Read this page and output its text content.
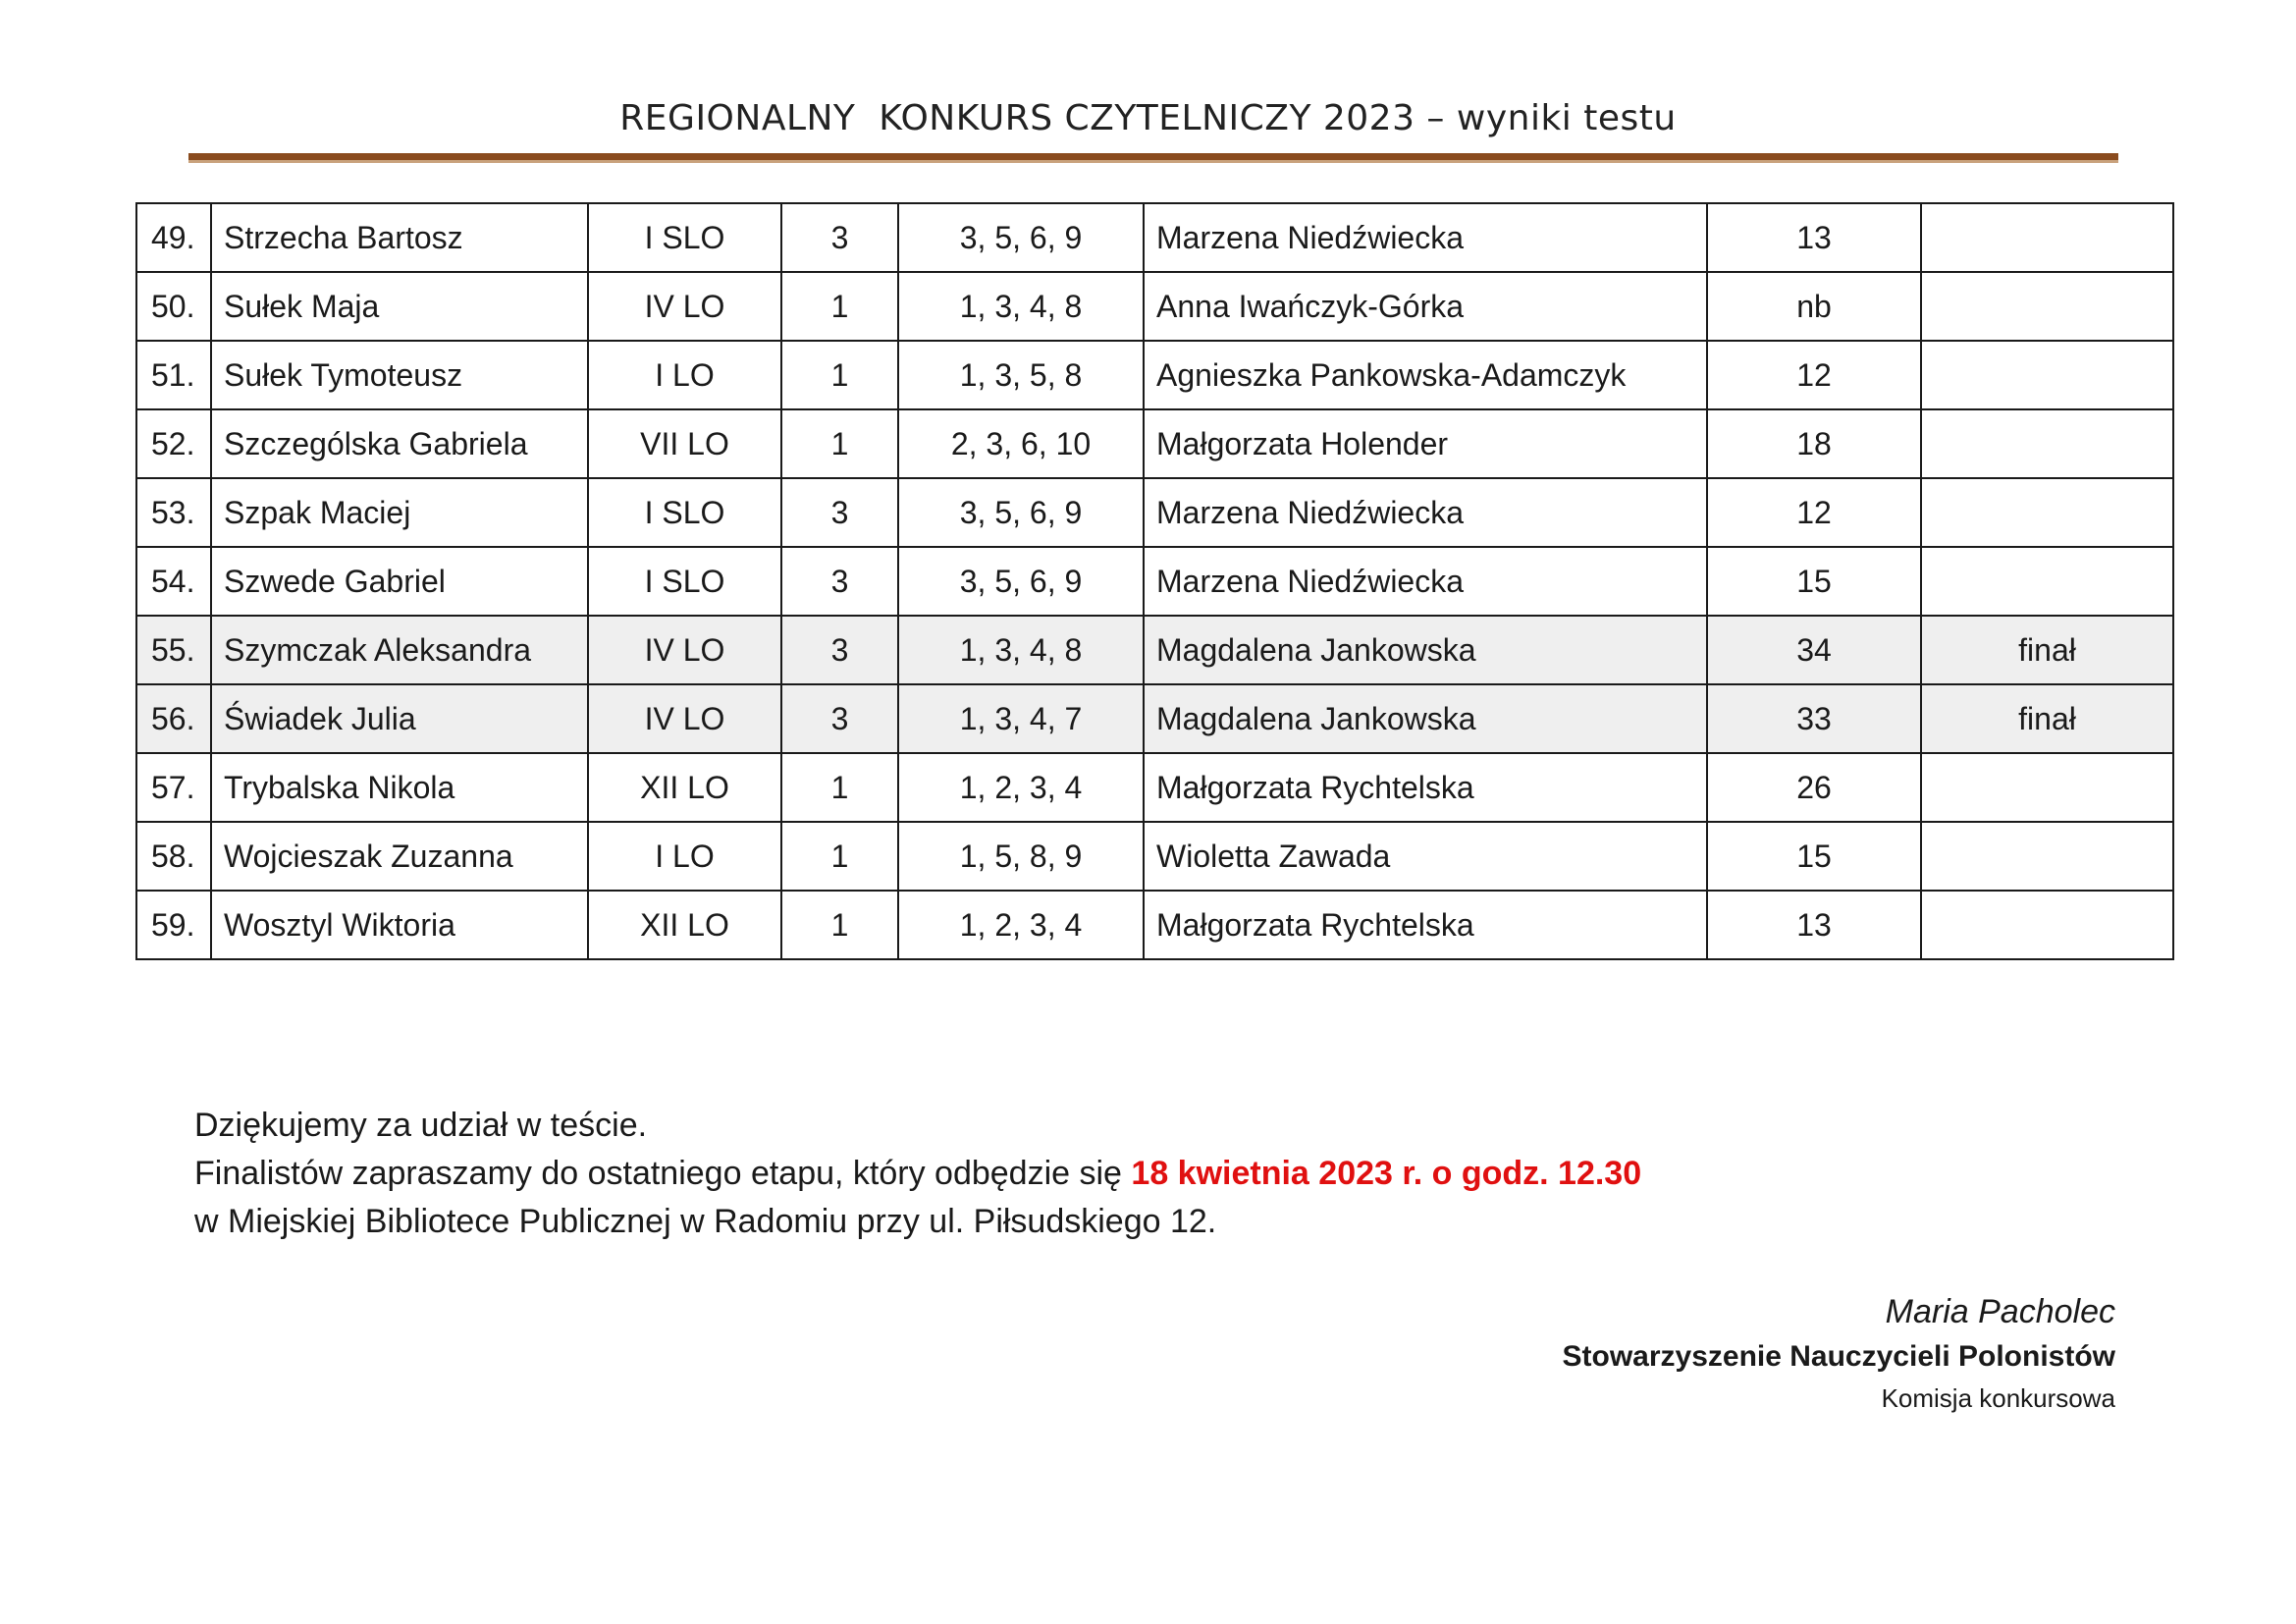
REGIONALNY  KONKURS CZYTELNICZY 2023 – wyniki testu
49.	Strzecha Bartosz	I SLO	3	3, 5, 6, 9	Marzena Niedźwiecka	13	
50.	Sułek Maja	IV LO	1	1, 3, 4, 8	Anna Iwańczyk-Górka	nb	
51.	Sułek Tymoteusz	I LO	1	1, 3, 5, 8	Agnieszka Pankowska-Adamczyk	12	
52.	Szczególska Gabriela	VII LO	1	2, 3, 6, 10	Małgorzata Holender	18	
53.	Szpak Maciej	I SLO	3	3, 5, 6, 9	Marzena Niedźwiecka	12	
54.	Szwede Gabriel	I SLO	3	3, 5, 6, 9	Marzena Niedźwiecka	15	
55.	Szymczak Aleksandra	IV LO	3	1, 3, 4, 8	Magdalena Jankowska	34	finał
56.	Świadek Julia	IV LO	3	1, 3, 4, 7	Magdalena Jankowska	33	finał
57.	Trybalska Nikola	XII LO	1	1, 2, 3, 4	Małgorzata Rychtelska	26	
58.	Wojcieszak Zuzanna	I LO	1	1, 5, 8, 9	Wioletta Zawada	15	
59.	Wosztyl Wiktoria	XII LO	1	1, 2, 3, 4	Małgorzata Rychtelska	13	
Dziękujemy za udział w teście.
Finalistów zapraszamy do ostatniego etapu, który odbędzie się 18 kwietnia 2023 r. o godz. 12.30
w Miejskiej Bibliotece Publicznej w Radomiu przy ul. Piłsudskiego 12.
Maria Pacholec
Stowarzyszenie Nauczycieli Polonistów
Komisja konkursowa
